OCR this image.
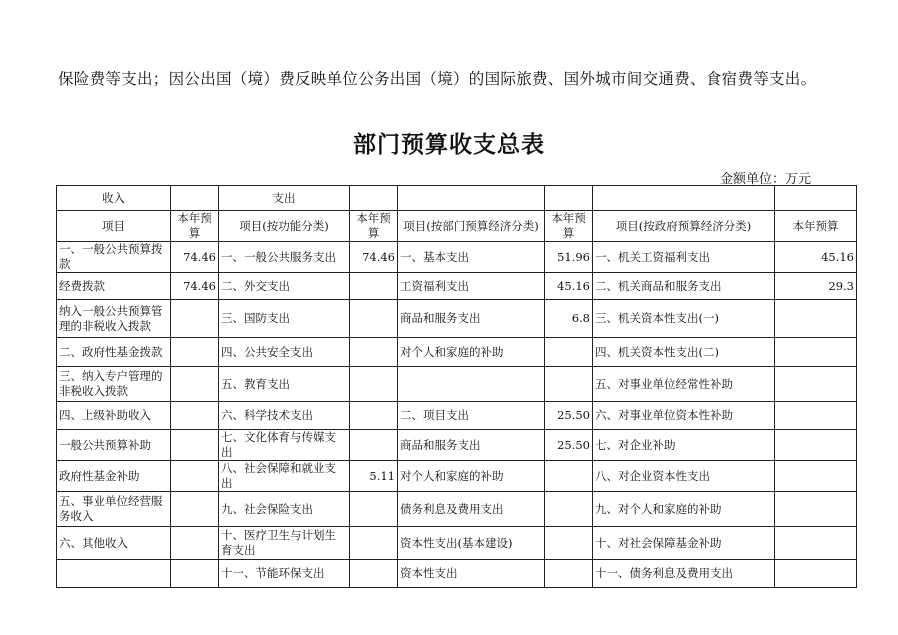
保险费等支出；因公出国（境）费反映单位公务出国（境）的国际旅费、国外城市间交通费、食宿费等支出。
部门预算收支总表
金额单位：万元
收入		支出					
项目	本年预算	项目(按功能分类)	本年预算	项目(按部门预算经济分类)	本年预算	项目(按政府预算经济分类)	本年预算
一、一般公共预算拨款	74.46	一、一般公共服务支出	74.46	一、基本支出	51.96	一、机关工资福利支出	45.16
经费拨款	74.46	二、外交支出		工资福利支出	45.16	二、机关商品和服务支出	29.3
纳入一般公共预算管理的非税收入拨款		三、国防支出		商品和服务支出	6.8	三、机关资本性支出(一)	
二、政府性基金拨款		四、公共安全支出		对个人和家庭的补助		四、机关资本性支出(二)	
三、纳入专户管理的非税收入拨款		五、教育支出				五、对事业单位经常性补助	
四、上级补助收入		六、科学技术支出		二、项目支出	25.50	六、对事业单位资本性补助	
一般公共预算补助		七、文化体育与传媒支出		商品和服务支出	25.50	七、对企业补助	
政府性基金补助		八、社会保障和就业支出	5.11	对个人和家庭的补助		八、对企业资本性支出	
五、事业单位经营服务收入		九、社会保险支出		债务利息及费用支出		九、对个人和家庭的补助	
六、其他收入		十、医疗卫生与计划生育支出		资本性支出(基本建设)		十、对社会保障基金补助	
		十一、节能环保支出		资本性支出		十一、债务利息及费用支出	
